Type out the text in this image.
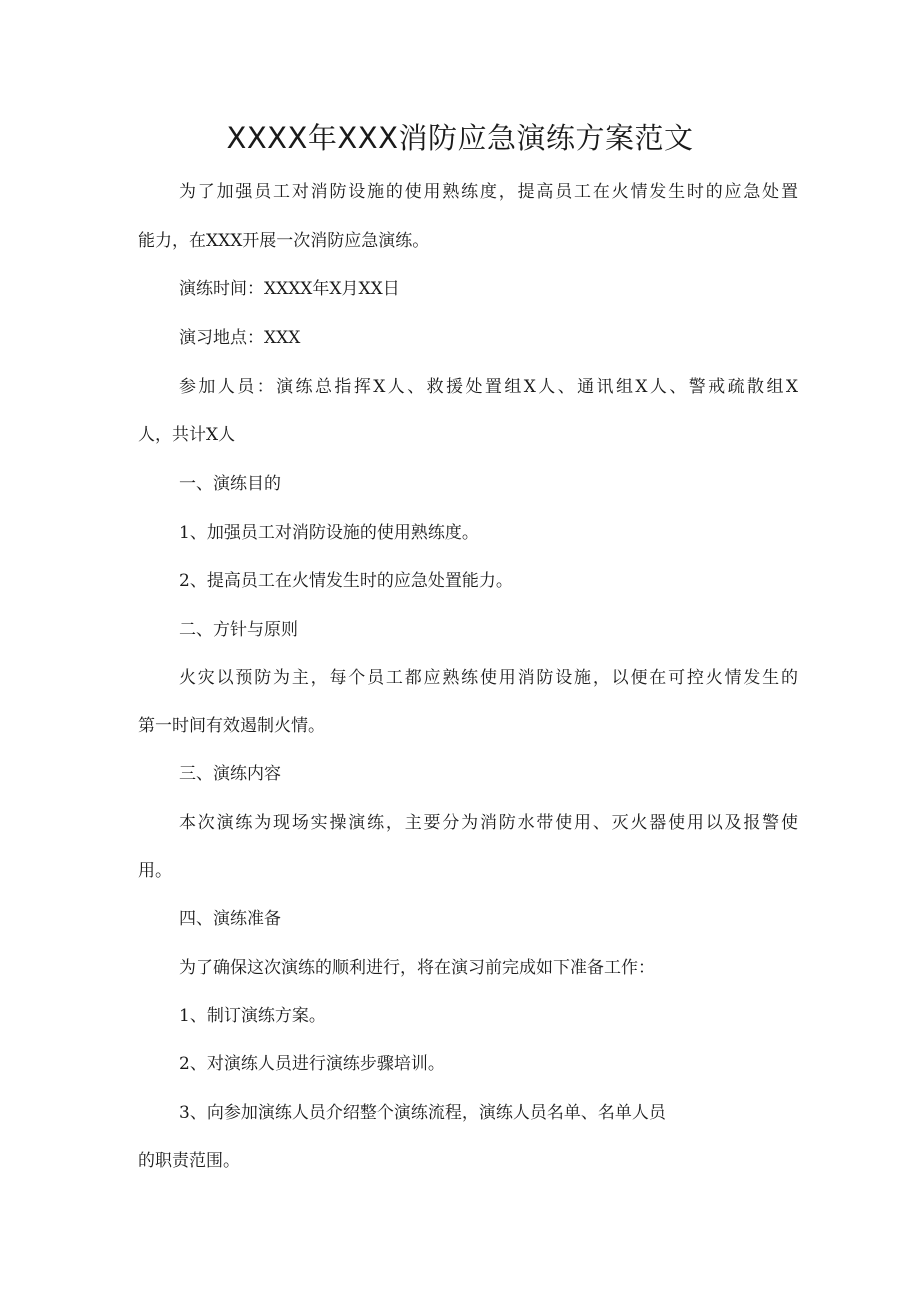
XXXX年XXX消防应急演练方案范文

为了加强员工对消防设施的使用熟练度，提高员工在火情发生时的应急处置

能力，在XXX开展一次消防应急演练。

演练时间：XXXX年X月XX日

演习地点：XXX

参加人员：演练总指挥X人、救援处置组X人、通讯组X人、警戒疏散组X

人，共计X人

一、演练目的

1、加强员工对消防设施的使用熟练度。

2、提高员工在火情发生时的应急处置能力。

二、方针与原则

火灾以预防为主，每个员工都应熟练使用消防设施，以便在可控火情发生的

第一时间有效遏制火情。

三、演练内容

本次演练为现场实操演练，主要分为消防水带使用、灭火器使用以及报警使

用。

四、演练准备

为了确保这次演练的顺利进行，将在演习前完成如下准备工作：

1、制订演练方案。

2、对演练人员进行演练步骤培训。

3、向参加演练人员介绍整个演练流程，演练人员名单、名单人员

的职责范围。
